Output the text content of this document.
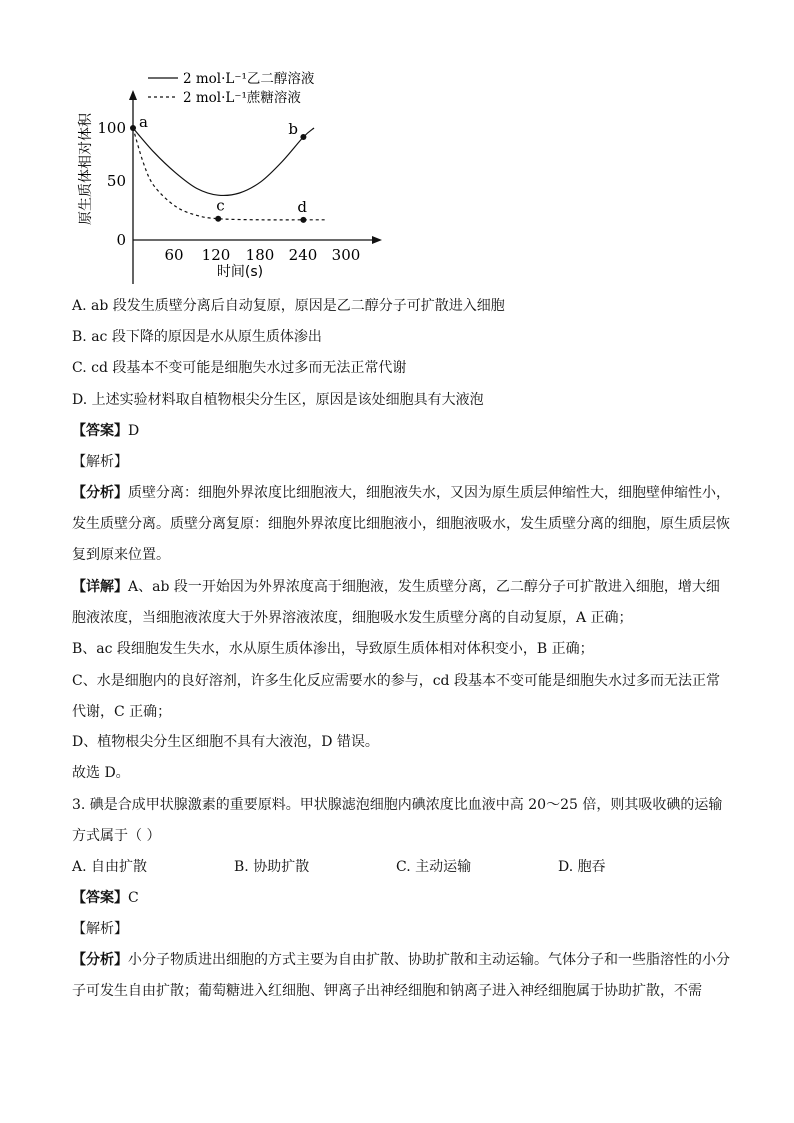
60 120 180 240 300
0
50
100
时间(s)
原生质体相对体积
2 mol·L⁻¹乙二醇溶液
2 mol·L⁻¹蔗糖溶液
a	b
c	d
A. ab 段发生质壁分离后自动复原，原因是乙二醇分子可扩散进入细胞
B. ac 段下降的原因是水从原生质体渗出
C. cd 段基本不变可能是细胞失水过多而无法正常代谢
D. 上述实验材料取自植物根尖分生区，原因是该处细胞具有大液泡
【答案】D
【解析】
【分析】质壁分离：细胞外界浓度比细胞液大，细胞液失水，又因为原生质层伸缩性大，细胞壁伸缩性小，发生质壁分离。质壁分离复原：细胞外界浓度比细胞液小，细胞液吸水，发生质壁分离的细胞，原生质层恢复到原来位置。
【详解】A、ab 段一开始因为外界浓度高于细胞液，发生质壁分离，乙二醇分子可扩散进入细胞，增大细胞液浓度，当细胞液浓度大于外界溶液浓度，细胞吸水发生质壁分离的自动复原，A 正确；
B、ac 段细胞发生失水，水从原生质体渗出，导致原生质体相对体积变小，B 正确；
C、水是细胞内的良好溶剂，许多生化反应需要水的参与，cd 段基本不变可能是细胞失水过多而无法正常代谢，C 正确；
D、植物根尖分生区细胞不具有大液泡，D 错误。
故选 D。
3. 碘是合成甲状腺激素的重要原料。甲状腺滤泡细胞内碘浓度比血液中高 20～25 倍，则其吸收碘的运输方式属于（ ）
A. 自由扩散	B. 协助扩散	C. 主动运输	D. 胞吞
【答案】C
【解析】
【分析】小分子物质进出细胞的方式主要为自由扩散、协助扩散和主动运输。气体分子和一些脂溶性的小分子可发生自由扩散；葡萄糖进入红细胞、钾离子出神经细胞和钠离子进入神经细胞属于协助扩散，不需
